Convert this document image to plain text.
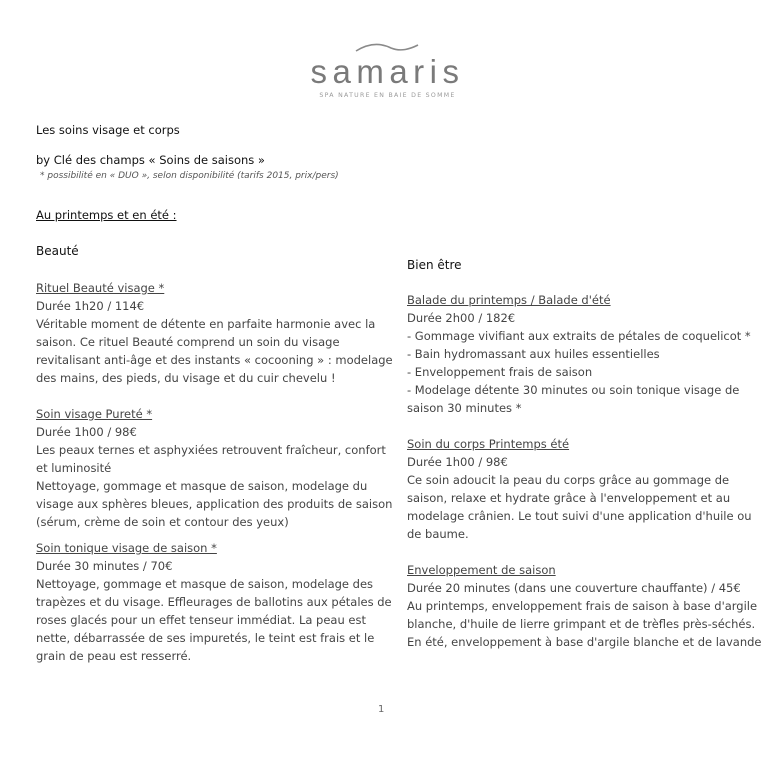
samaris
SPA NATURE EN BAIE DE SOMME
Les soins visage et corps
by Clé des champs « Soins de saisons »
* possibilité en « DUO », selon disponibilité (tarifs 2015, prix/pers)
Au printemps et en été :
Beauté
Rituel Beauté visage *
Durée 1h20 / 114€
Véritable moment de détente en parfaite harmonie avec la
saison. Ce rituel Beauté comprend un soin du visage
revitalisant anti-âge et des instants « cocooning » : modelage
des mains, des pieds, du visage et du cuir chevelu !
Soin visage Pureté *
Durée 1h00 / 98€
Les peaux ternes et asphyxiées retrouvent fraîcheur, confort
et luminosité
Nettoyage, gommage et masque de saison, modelage du
visage aux sphères bleues, application des produits de saison
(sérum, crème de soin et contour des yeux)
Soin tonique visage de saison *
Durée 30 minutes / 70€
Nettoyage, gommage et masque de saison, modelage des
trapèzes et du visage. Effleurages de ballotins aux pétales de
roses glacés pour un effet tenseur immédiat. La peau est
nette, débarrassée de ses impuretés, le teint est frais et le
grain de peau est resserré.
Bien être
Balade du printemps / Balade d'été
Durée 2h00 / 182€
- Gommage vivifiant aux extraits de pétales de coquelicot *
- Bain hydromassant aux huiles essentielles
- Enveloppement frais de saison
- Modelage détente 30 minutes ou soin tonique visage de
saison 30 minutes *
Soin du corps Printemps été
Durée 1h00 / 98€
Ce soin adoucit la peau du corps grâce au gommage de
saison, relaxe et hydrate grâce à l'enveloppement et au
modelage crânien. Le tout suivi d'une application d'huile ou
de baume.
Enveloppement de saison
Durée 20 minutes (dans une couverture chauffante) / 45€
Au printemps, enveloppement frais de saison à base d'argile
blanche, d'huile de lierre grimpant et de trèfles près-séchés.
En été, enveloppement à base d'argile blanche et de lavande
1
